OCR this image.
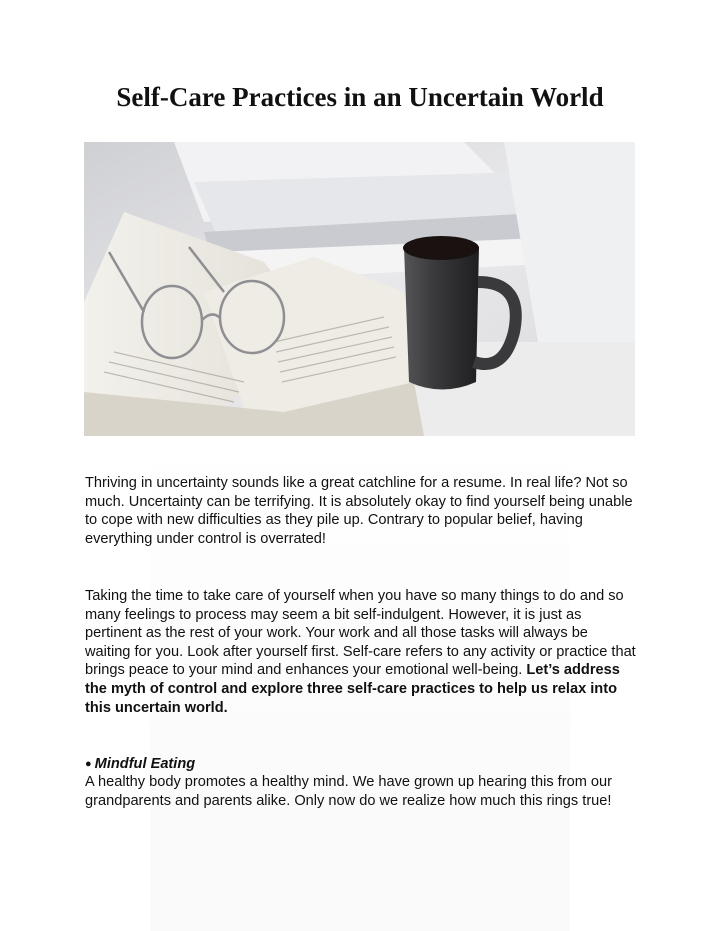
Self-Care Practices in an Uncertain World

Thriving in uncertainty sounds like a great catchline for a resume. In real life? Not so much. Uncertainty can be terrifying. It is absolutely okay to find yourself being unable to cope with new difficulties as they pile up. Contrary to popular belief, having everything under control is overrated!

Taking the time to take care of yourself when you have so many things to do and so many feelings to process may seem a bit self-indulgent. However, it is just as pertinent as the rest of your work. Your work and all those tasks will always be waiting for you. Look after yourself first. Self-care refers to any activity or practice that brings peace to your mind and enhances your emotional well-being. Let’s address the myth of control and explore three self-care practices to help us relax into this uncertain world.

● Mindful Eating

A healthy body promotes a healthy mind. We have grown up hearing this from our grandparents and parents alike. Only now do we realize how much this rings true!
